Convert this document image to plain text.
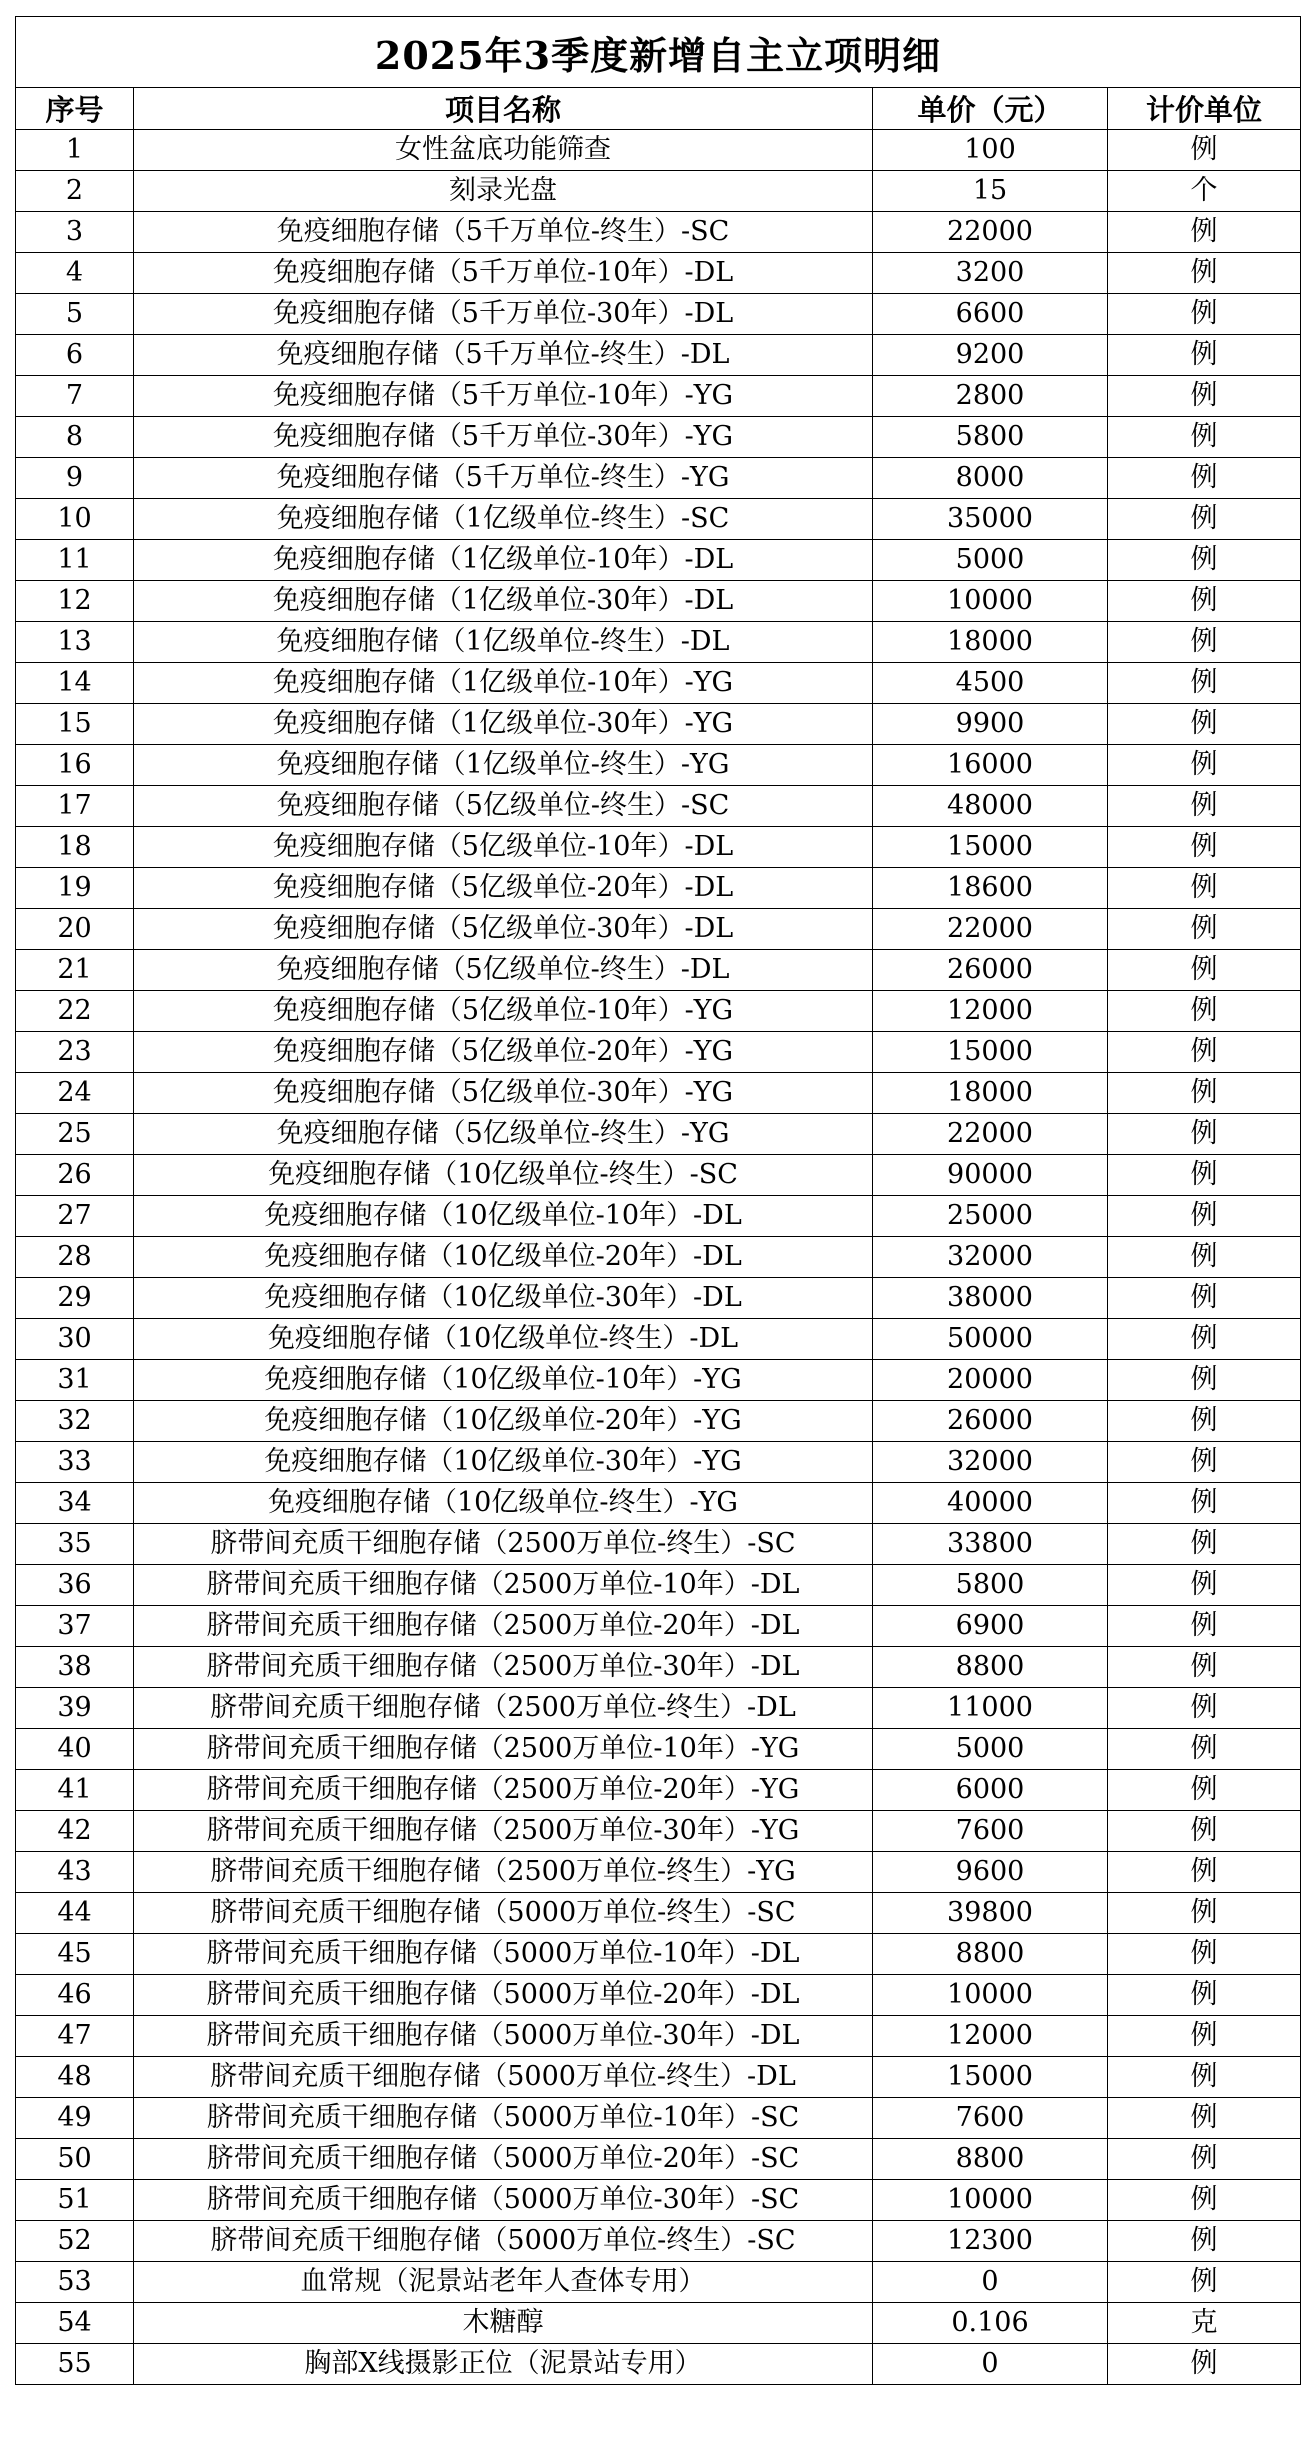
2025年3季度新增自主立项明细			
序号	项目名称	单价（元）	计价单位
1	女性盆底功能筛查	100	例
2	刻录光盘	15	个
3	免疫细胞存储（5千万单位-终生）-SC	22000	例
4	免疫细胞存储（5千万单位-10年）-DL	3200	例
5	免疫细胞存储（5千万单位-30年）-DL	6600	例
6	免疫细胞存储（5千万单位-终生）-DL	9200	例
7	免疫细胞存储（5千万单位-10年）-YG	2800	例
8	免疫细胞存储（5千万单位-30年）-YG	5800	例
9	免疫细胞存储（5千万单位-终生）-YG	8000	例
10	免疫细胞存储（1亿级单位-终生）-SC	35000	例
11	免疫细胞存储（1亿级单位-10年）-DL	5000	例
12	免疫细胞存储（1亿级单位-30年）-DL	10000	例
13	免疫细胞存储（1亿级单位-终生）-DL	18000	例
14	免疫细胞存储（1亿级单位-10年）-YG	4500	例
15	免疫细胞存储（1亿级单位-30年）-YG	9900	例
16	免疫细胞存储（1亿级单位-终生）-YG	16000	例
17	免疫细胞存储（5亿级单位-终生）-SC	48000	例
18	免疫细胞存储（5亿级单位-10年）-DL	15000	例
19	免疫细胞存储（5亿级单位-20年）-DL	18600	例
20	免疫细胞存储（5亿级单位-30年）-DL	22000	例
21	免疫细胞存储（5亿级单位-终生）-DL	26000	例
22	免疫细胞存储（5亿级单位-10年）-YG	12000	例
23	免疫细胞存储（5亿级单位-20年）-YG	15000	例
24	免疫细胞存储（5亿级单位-30年）-YG	18000	例
25	免疫细胞存储（5亿级单位-终生）-YG	22000	例
26	免疫细胞存储（10亿级单位-终生）-SC	90000	例
27	免疫细胞存储（10亿级单位-10年）-DL	25000	例
28	免疫细胞存储（10亿级单位-20年）-DL	32000	例
29	免疫细胞存储（10亿级单位-30年）-DL	38000	例
30	免疫细胞存储（10亿级单位-终生）-DL	50000	例
31	免疫细胞存储（10亿级单位-10年）-YG	20000	例
32	免疫细胞存储（10亿级单位-20年）-YG	26000	例
33	免疫细胞存储（10亿级单位-30年）-YG	32000	例
34	免疫细胞存储（10亿级单位-终生）-YG	40000	例
35	脐带间充质干细胞存储（2500万单位-终生）-SC	33800	例
36	脐带间充质干细胞存储（2500万单位-10年）-DL	5800	例
37	脐带间充质干细胞存储（2500万单位-20年）-DL	6900	例
38	脐带间充质干细胞存储（2500万单位-30年）-DL	8800	例
39	脐带间充质干细胞存储（2500万单位-终生）-DL	11000	例
40	脐带间充质干细胞存储（2500万单位-10年）-YG	5000	例
41	脐带间充质干细胞存储（2500万单位-20年）-YG	6000	例
42	脐带间充质干细胞存储（2500万单位-30年）-YG	7600	例
43	脐带间充质干细胞存储（2500万单位-终生）-YG	9600	例
44	脐带间充质干细胞存储（5000万单位-终生）-SC	39800	例
45	脐带间充质干细胞存储（5000万单位-10年）-DL	8800	例
46	脐带间充质干细胞存储（5000万单位-20年）-DL	10000	例
47	脐带间充质干细胞存储（5000万单位-30年）-DL	12000	例
48	脐带间充质干细胞存储（5000万单位-终生）-DL	15000	例
49	脐带间充质干细胞存储（5000万单位-10年）-SC	7600	例
50	脐带间充质干细胞存储（5000万单位-20年）-SC	8800	例
51	脐带间充质干细胞存储（5000万单位-30年）-SC	10000	例
52	脐带间充质干细胞存储（5000万单位-终生）-SC	12300	例
53	血常规（泥景站老年人查体专用）	0	例
54	木糖醇	0.106	克
55	胸部X线摄影正位（泥景站专用）	0	例
